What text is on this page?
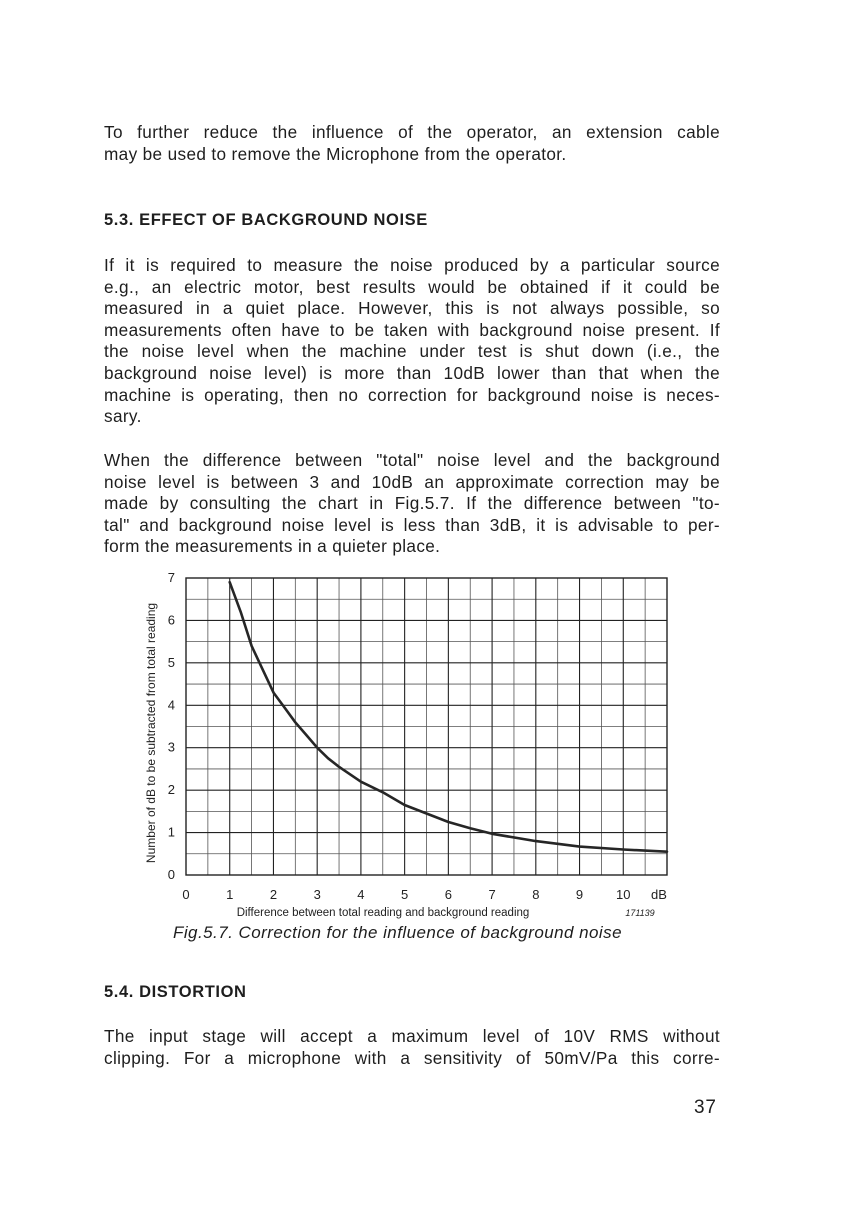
To further reduce the influence of the operator, an extension cable
may be used to remove the Microphone from the operator.
5.3. EFFECT OF BACKGROUND NOISE
If it is required to measure the noise produced by a particular source
e.g., an electric motor, best results would be obtained if it could be
measured in a quiet place. However, this is not always possible, so
measurements often have to be taken with background noise present. If
the noise level when the machine under test is shut down (i.e., the
background noise level) is more than 10dB lower than that when the
machine is operating, then no correction for background noise is neces-
sary.
When the difference between "total" noise level and the background
noise level is between 3 and 10dB an approximate correction may be
made by consulting the chart in Fig.5.7. If the difference between "to-
tal" and background noise level is less than 3dB, it is advisable to per-
form the measurements in a quieter place.
0	1	2	3	4	5	6	7	8	9	10
0
1
2
3
4
5
6
7
dB
Difference between total reading and background reading	171139
Number of dB to be subtracted from total reading

Fig.5.7. Correction for the influence of background noise

5.4. DISTORTION
The input stage will accept a maximum level of 10V RMS without
clipping. For a microphone with a sensitivity of 50mV/Pa this corre-

37
